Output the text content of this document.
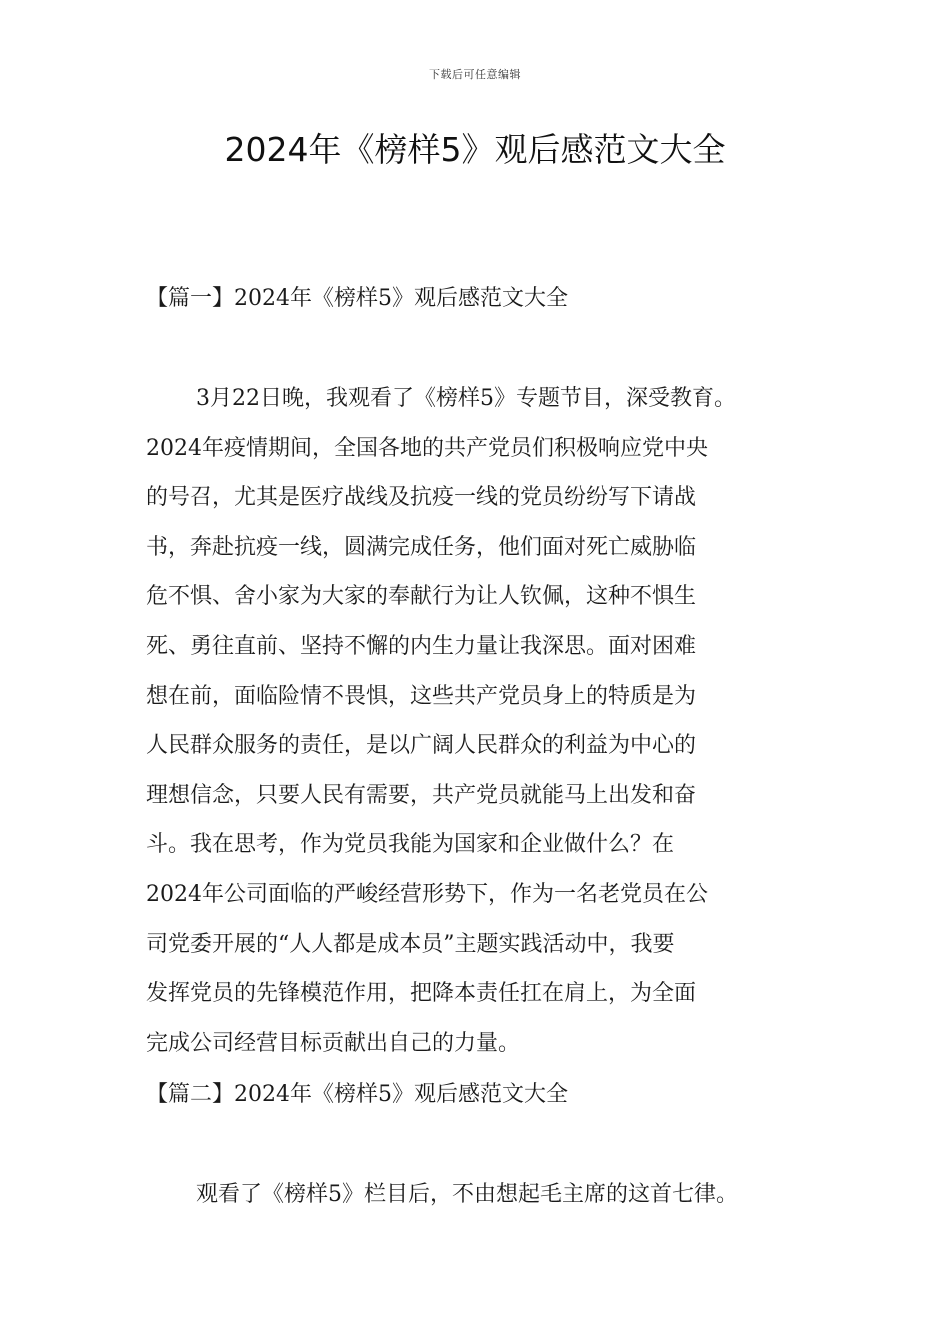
下载后可任意编辑
2024年《榜样5》观后感范文大全
【篇一】2024年《榜样5》观后感范文大全
3月22日晚，我观看了《榜样5》专题节目，深受教育。
2024年疫情期间，全国各地的共产党员们积极响应党中央
的号召，尤其是医疗战线及抗疫一线的党员纷纷写下请战
书，奔赴抗疫一线，圆满完成任务，他们面对死亡威胁临
危不惧、舍小家为大家的奉献行为让人钦佩，这种不惧生
死、勇往直前、坚持不懈的内生力量让我深思。面对困难
想在前，面临险情不畏惧，这些共产党员身上的特质是为
人民群众服务的责任，是以广阔人民群众的利益为中心的
理想信念，只要人民有需要，共产党员就能马上出发和奋
斗。我在思考，作为党员我能为国家和企业做什么？在
2024年公司面临的严峻经营形势下，作为一名老党员在公
司党委开展的“人人都是成本员”主题实践活动中，我要
发挥党员的先锋模范作用，把降本责任扛在肩上，为全面
完成公司经营目标贡献出自己的力量。
【篇二】2024年《榜样5》观后感范文大全
观看了《榜样5》栏目后，不由想起毛主席的这首七律。
